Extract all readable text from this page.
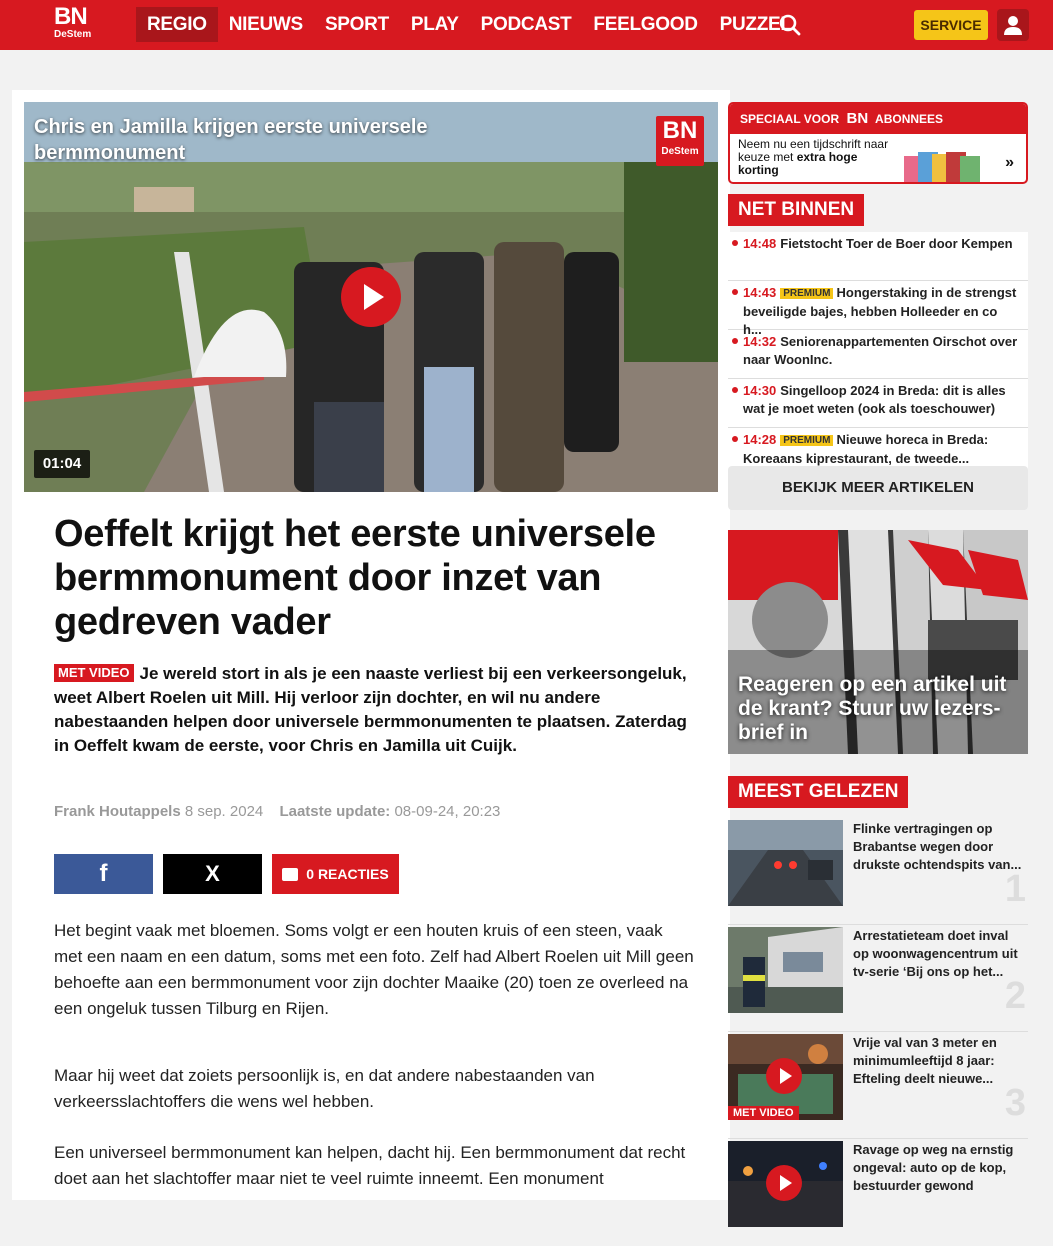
BN
DeStem	REGIO	NIEUWS	SPORT	PLAY	PODCAST	FEELGOOD	PUZZEL	SERVICE
Chris en Jamilla krijgen eerste universele bermmonument
BN
DeStem
01:04
Oeffelt krijgt het eerste universele bermmonument door inzet van gedreven vader
MET VIDEO Je wereld stort in als je een naaste verliest bij een verkeersongeluk, weet Albert Roelen uit Mill. Hij verloor zijn dochter, en wil nu andere nabestaanden helpen door universele bermmonumenten te plaatsen. Zaterdag in Oeffelt kwam de eerste, voor Chris en Jamilla uit Cuijk.
Frank Houtappels 8 sep. 2024 Laatste update: 08-09-24, 20:23
f	X	0 REACTIES

Het begint vaak met bloemen. Soms volgt er een houten kruis of een steen, vaak met een naam en een datum, soms met een foto. Zelf had Albert Roelen uit Mill geen behoefte aan een bermmonument voor zijn dochter Maaike (20) toen ze overleed na een ongeluk tussen Tilburg en Rijen.

Maar hij weet dat zoiets persoonlijk is, en dat andere nabestaanden van verkeersslachtoffers die wens wel hebben.

Een universeel bermmonument kan helpen, dacht hij. Een bermmonument dat recht doet aan het slachtoffer maar niet te veel ruimte inneemt. Een monument

SPECIAAL VOOR BN ABONNEES
Neem nu een tijdschrift naar keuze met extra hoge korting	»
NET BINNEN
14:48 Fietstocht Toer de Boer door Kempen
14:43 PREMIUM Hongerstaking in de strengst beveiligde bajes, hebben Holleeder en co h...
14:32 Seniorenappartementen Oirschot over naar WoonInc.
14:30 Singelloop 2024 in Breda: dit is alles wat je moet weten (ook als toeschouwer)
14:28 PREMIUM Nieuwe horeca in Breda: Koreaans kiprestaurant, de tweede...
BEKIJK MEER ARTIKELEN
Reageren op een artikel uit de krant? Stuur uw lezers-brief in
MEEST GELEZEN
Flinke vertragingen op Brabantse wegen door drukste ochtendspits van...
1
Arrestatieteam doet inval op woonwagencentrum uit tv-serie ‘Bij ons op het...
2
MET VIDEO
Vrije val van 3 meter en minimumleeftijd 8 jaar: Efteling deelt nieuwe...
3
Ravage op weg na ernstig ongeval: auto op de kop, bestuurder gewond
